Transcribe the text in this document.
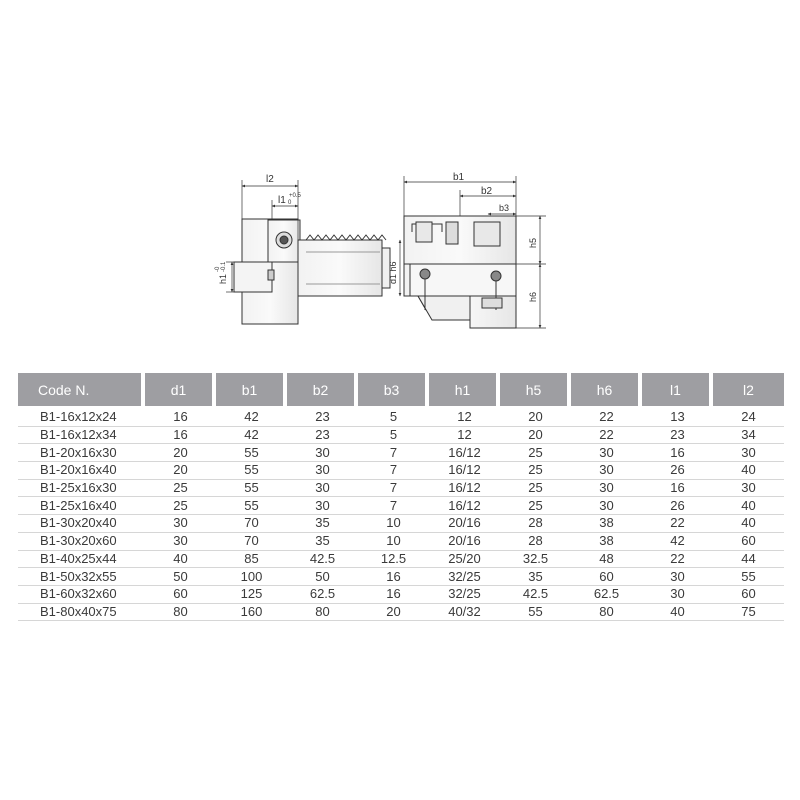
l2
l1 +0.5
0
h1
-0 -0.1	d1 h6
b1
b2
b3
h5
h6
Code N.	d1	b1	b2	b3	h1	h5	h6	l1	l2
B1-16x12x24	16	42	23	5	12	20	22	13	24
B1-16x12x34	16	42	23	5	12	20	22	23	34
B1-20x16x30	20	55	30	7	16/12	25	30	16	30
B1-20x16x40	20	55	30	7	16/12	25	30	26	40
B1-25x16x30	25	55	30	7	16/12	25	30	16	30
B1-25x16x40	25	55	30	7	16/12	25	30	26	40
B1-30x20x40	30	70	35	10	20/16	28	38	22	40
B1-30x20x60	30	70	35	10	20/16	28	38	42	60
B1-40x25x44	40	85	42.5	12.5	25/20	32.5	48	22	44
B1-50x32x55	50	100	50	16	32/25	35	60	30	55
B1-60x32x60	60	125	62.5	16	32/25	42.5	62.5	30	60
B1-80x40x75	80	160	80	20	40/32	55	80	40	75
